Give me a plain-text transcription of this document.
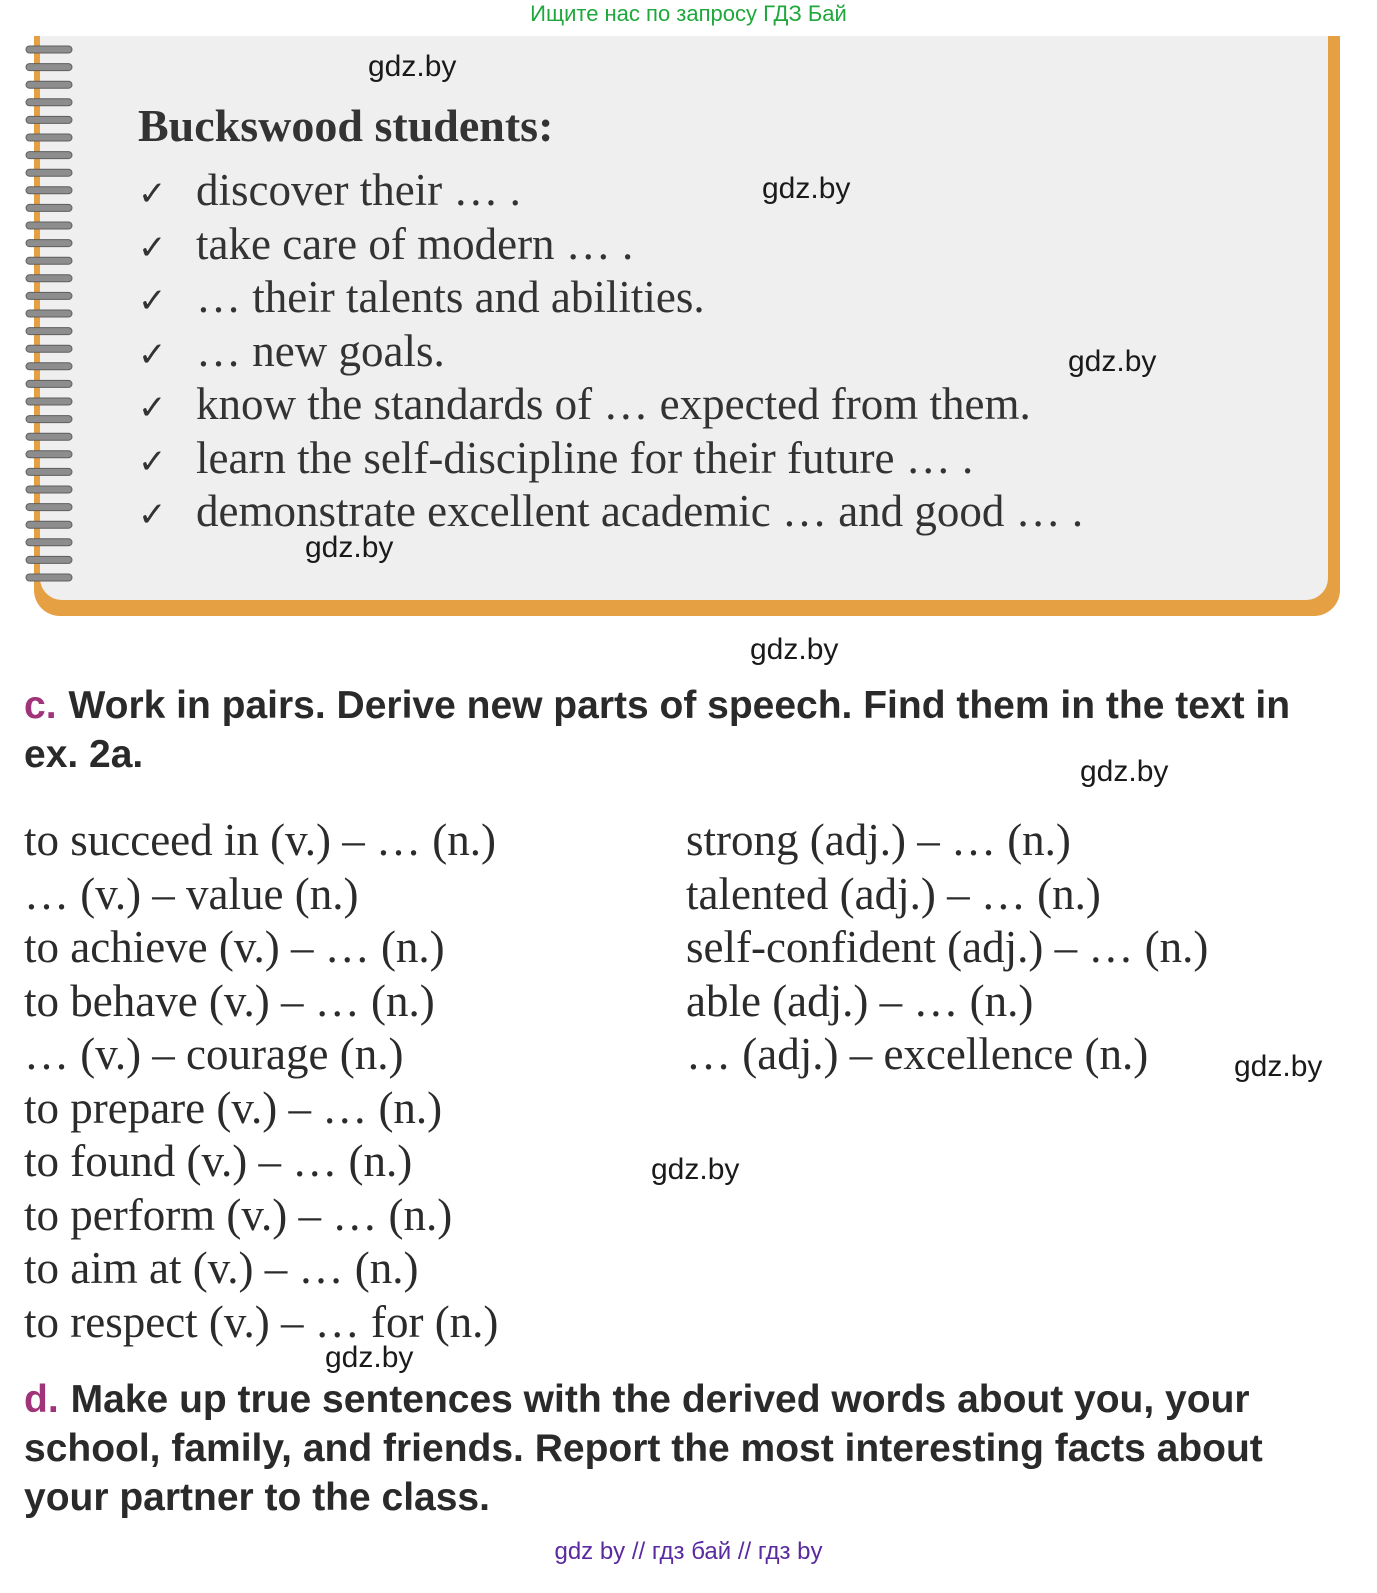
Ищите нас по запросу ГДЗ Бай
Buckswood students:
✓ discover their … .
✓ take care of modern … .
✓ … their talents and abilities.
✓ … new goals.
✓ know the standards of … expected from them.
✓ learn the self-discipline for their future … .
✓ demonstrate excellent academic … and good … .
gdz.by
gdz.by
gdz.by
gdz.by
gdz.by
gdz.by
gdz.by
gdz.by
gdz.by
c. Work in pairs. Derive new parts of speech. Find them in the text in ex. 2a.
to succeed in (v.) – … (n.)
… (v.) – value (n.)
to achieve (v.) – … (n.)
to behave (v.) – … (n.)
… (v.) – courage (n.)
to prepare (v.) – … (n.)
to found (v.) – … (n.)
to perform (v.) – … (n.)
to aim at (v.) – … (n.)
to respect (v.) – … for (n.)
strong (adj.) – … (n.)
talented (adj.) – … (n.)
self-confident (adj.) – … (n.)
able (adj.) – … (n.)
… (adj.) – excellence (n.)
d. Make up true sentences with the derived words about you, your school, family, and friends. Report the most interesting facts about your partner to the class.
gdz by // гдз бай // гдз by
